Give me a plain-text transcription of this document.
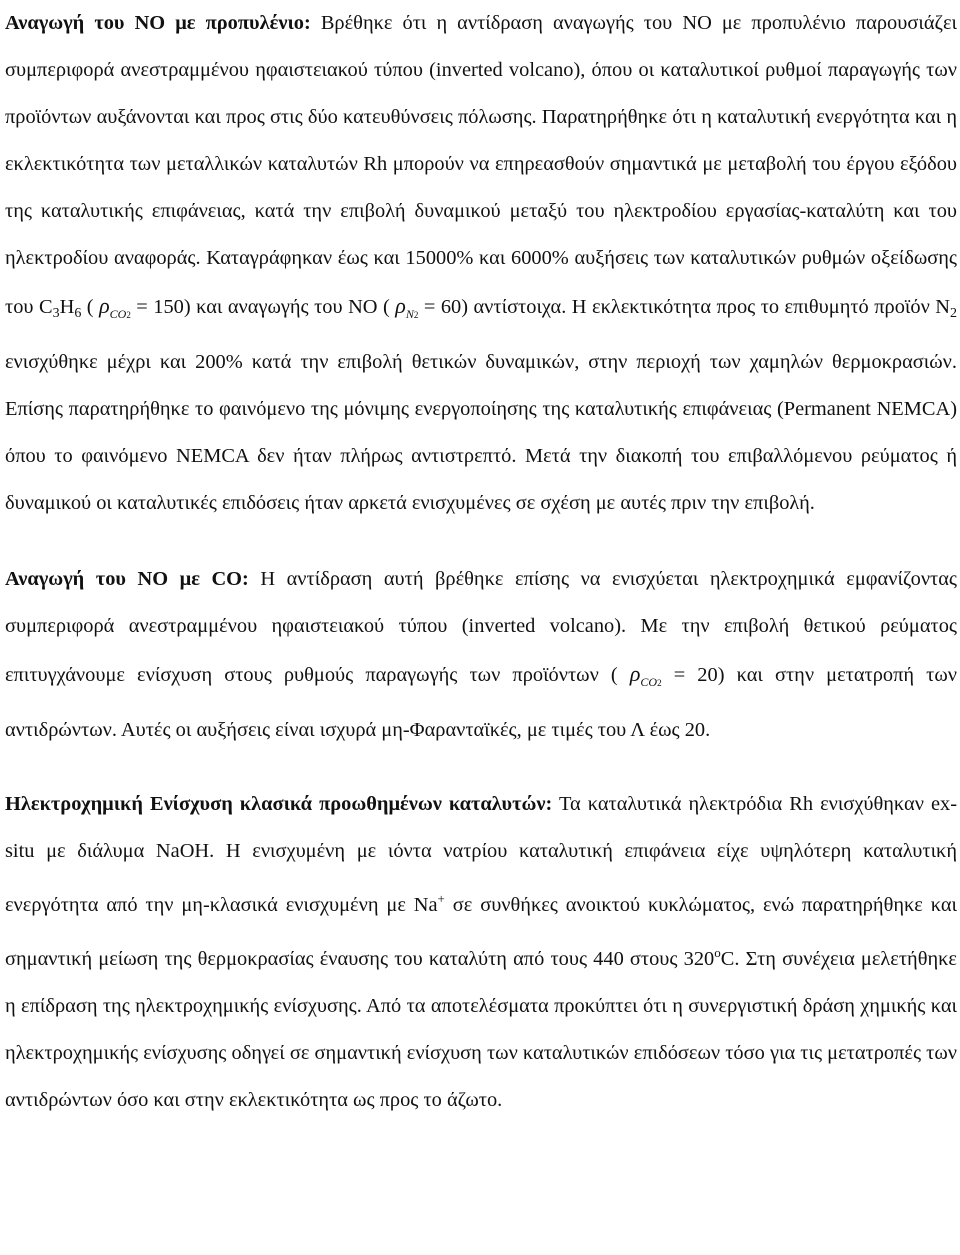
Αναγωγή του NO με προπυλένιο: Βρέθηκε ότι η αντίδραση αναγωγής του NO με προπυλένιο παρουσιάζει συμπεριφορά ανεστραμμένου ηφαιστειακού τύπου (inverted volcano), όπου οι καταλυτικοί ρυθμοί παραγωγής των προϊόντων αυξάνονται και προς στις δύο κατευθύνσεις πόλωσης. Παρατηρήθηκε ότι η καταλυτική ενεργότητα και η εκλεκτικότητα των μεταλλικών καταλυτών Rh μπορούν να επηρεασθούν σημαντικά με μεταβολή του έργου εξόδου της καταλυτικής επιφάνειας, κατά την επιβολή δυναμικού μεταξύ του ηλεκτροδίου εργασίας-καταλύτη και του ηλεκτροδίου αναφοράς. Καταγράφηκαν έως και 15000% και 6000% αυξήσεις των καταλυτικών ρυθμών οξείδωσης του $C_3H_6$ ( $\rho_{CO2} = 150$) και αναγωγής του NO ( $\rho_{N2} = 60$) αντίστοιχα. Η εκλεκτικότητα προς το επιθυμητό προϊόν $N_2$ ενισχύθηκε μέχρι και 200% κατά την επιβολή θετικών δυναμικών, στην περιοχή των χαμηλών θερμοκρασιών. Επίσης παρατηρήθηκε το φαινόμενο της μόνιμης ενεργοποίησης της καταλυτικής επιφάνειας (Permanent NEMCA) όπου το φαινόμενο NEMCA δεν ήταν πλήρως αντιστρεπτό. Μετά την διακοπή του επιβαλλόμενου ρεύματος ή δυναμικού οι καταλυτικές επιδόσεις ήταν αρκετά ενισχυμένες σε σχέση με αυτές πριν την επιβολή.

Αναγωγή του NO με CO: Η αντίδραση αυτή βρέθηκε επίσης να ενισχύεται ηλεκτροχημικά εμφανίζοντας συμπεριφορά ανεστραμμένου ηφαιστειακού τύπου (inverted volcano). Με την επιβολή θετικού ρεύματος επιτυγχάνουμε ενίσχυση στους ρυθμούς παραγωγής των προϊόντων ( $\rho_{CO2} = 20$) και στην μετατροπή των αντιδρώντων. Αυτές οι αυξήσεις είναι ισχυρά μη-Φαρανταϊκές, με τιμές του Λ έως 20.

Ηλεκτροχημική Ενίσχυση κλασικά προωθημένων καταλυτών: Τα καταλυτικά ηλεκτρόδια Rh ενισχύθηκαν ex-situ με διάλυμα NaOH. Η ενισχυμένη με ιόντα νατρίου καταλυτική επιφάνεια είχε υψηλότερη καταλυτική ενεργότητα από την μη-κλασικά ενισχυμένη με Na+ σε συνθήκες ανοικτού κυκλώματος, ενώ παρατηρήθηκε και σημαντική μείωση της θερμοκρασίας έναυσης του καταλύτη από τους 440 στους 320$^o$C. Στη συνέχεια μελετήθηκε η επίδραση της ηλεκτροχημικής ενίσχυσης. Από τα αποτελέσματα προκύπτει ότι η συνεργιστική δράση χημικής και ηλεκτροχημικής ενίσχυσης οδηγεί σε σημαντική ενίσχυση των καταλυτικών επιδόσεων τόσο για τις μετατροπές των αντιδρώντων όσο και στην εκλεκτικότητα ως προς το άζωτο.
